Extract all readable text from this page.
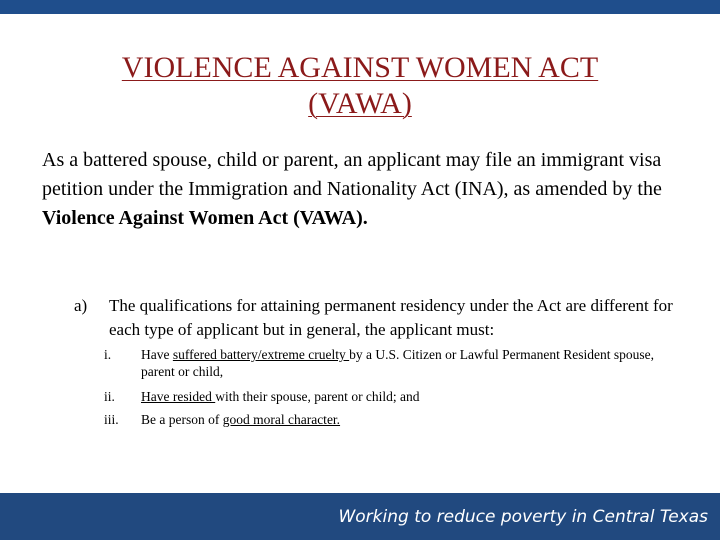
VIOLENCE AGAINST WOMEN ACT
(VAWA)
As a battered spouse, child or parent, an applicant may file an immigrant visa petition under the Immigration and Nationality Act (INA), as amended by the Violence Against Women Act (VAWA).
a) The qualifications for attaining permanent residency under the Act are different for each type of applicant but in general, the applicant must:
i.	Have suffered battery/extreme cruelty by a U.S. Citizen or Lawful Permanent Resident spouse, parent or child,
ii.	Have resided with their spouse, parent or child; and
iii.	Be a person of good moral character.
Working to reduce poverty in Central Texas
